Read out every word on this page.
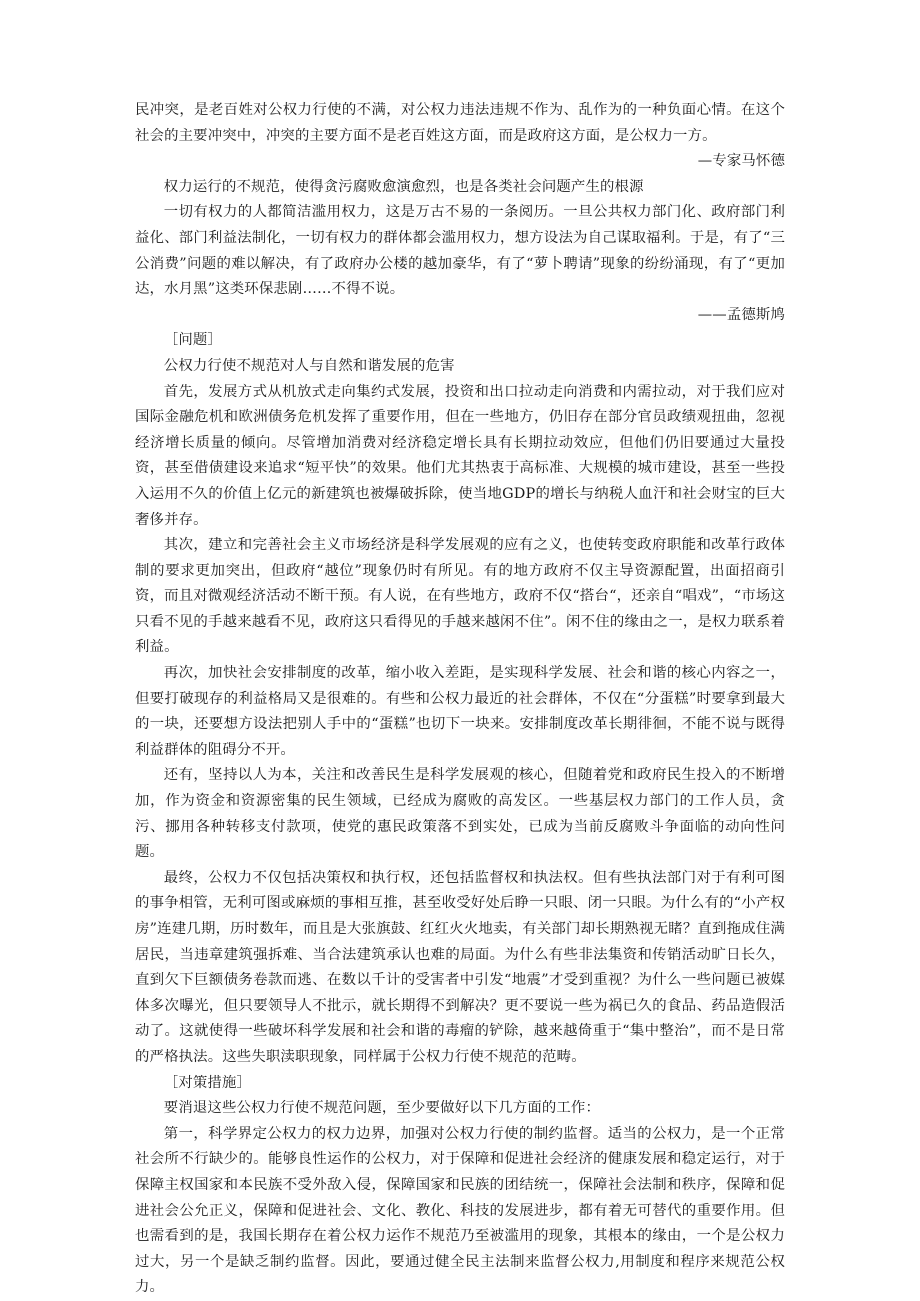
民冲突，是老百姓对公权力行使的不满，对公权力违法违规不作为、乱作为的一种负面心情。在这个社会的主要冲突中，冲突的主要方面不是老百姓这方面，而是政府这方面，是公权力一方。

—专家马怀德

权力运行的不规范，使得贪污腐败愈演愈烈，也是各类社会问题产生的根源

一切有权力的人都简洁滥用权力，这是万古不易的一条阅历。一旦公共权力部门化、政府部门利益化、部门利益法制化，一切有权力的群体都会滥用权力，想方设法为自己谋取福利。于是，有了“三公消费”问题的难以解决，有了政府办公楼的越加豪华，有了“萝卜聘请”现象的纷纷涌现，有了“更加达，水月黑”这类环保悲剧……不得不说。

——孟德斯鸠

［问题］

公权力行使不规范对人与自然和谐发展的危害

首先，发展方式从机放式走向集约式发展，投资和出口拉动走向消费和内需拉动，对于我们应对国际金融危机和欧洲债务危机发挥了重要作用，但在一些地方，仍旧存在部分官员政绩观扭曲，忽视经济增长质量的倾向。尽管增加消费对经济稳定增长具有长期拉动效应，但他们仍旧要通过大量投资，甚至借债建设来追求“短平快”的效果。他们尤其热衷于高标准、大规模的城市建设，甚至一些投入运用不久的价值上亿元的新建筑也被爆破拆除，使当地GDP的增长与纳税人血汗和社会财宝的巨大奢侈并存。

其次，建立和完善社会主义市场经济是科学发展观的应有之义，也使转变政府职能和改革行政体制的要求更加突出，但政府“越位”现象仍时有所见。有的地方政府不仅主导资源配置，出面招商引资，而且对微观经济活动不断干预。有人说，在有些地方，政府不仅“搭台“，还亲自“唱戏”，“市场这只看不见的手越来越看不见，政府这只看得见的手越来越闲不住”。闲不住的缘由之一，是权力联系着利益。

再次，加快社会安排制度的改革，缩小收入差距，是实现科学发展、社会和谐的核心内容之一，但要打破现存的利益格局又是很难的。有些和公权力最近的社会群体，不仅在“分蛋糕”时要拿到最大的一块，还要想方设法把别人手中的“蛋糕”也切下一块来。安排制度改革长期徘徊，不能不说与既得利益群体的阻碍分不开。

还有，坚持以人为本，关注和改善民生是科学发展观的核心，但随着党和政府民生投入的不断增加，作为资金和资源密集的民生领域，已经成为腐败的高发区。一些基层权力部门的工作人员，贪污、挪用各种转移支付款项，使党的惠民政策落不到实处，已成为当前反腐败斗争面临的动向性问题。

最终，公权力不仅包括决策权和执行权，还包括监督权和执法权。但有些执法部门对于有利可图的事争相管，无利可图或麻烦的事相互推，甚至收受好处后睁一只眼、闭一只眼。为什么有的“小产权房”连建几期，历时数年，而且是大张旗鼓、红红火火地卖，有关部门却长期熟视无睹？直到拖成住满居民，当违章建筑强拆难、当合法建筑承认也难的局面。为什么有些非法集资和传销活动旷日长久，直到欠下巨额债务卷款而逃、在数以千计的受害者中引发“地震”才受到重视？为什么一些问题已被媒体多次曝光，但只要领导人不批示，就长期得不到解决？更不要说一些为祸已久的食品、药品造假活动了。这就使得一些破坏科学发展和社会和谐的毒瘤的铲除，越来越倚重于“集中整治”，而不是日常的严格执法。这些失职渎职现象，同样属于公权力行使不规范的范畴。

［对策措施］

要消退这些公权力行使不规范问题，至少要做好以下几方面的工作：

第一，科学界定公权力的权力边界，加强对公权力行使的制约监督。适当的公权力，是一个正常社会所不行缺少的。能够良性运作的公权力，对于保障和促进社会经济的健康发展和稳定运行，对于保障主权国家和本民族不受外敌入侵，保障国家和民族的团结统一，保障社会法制和秩序，保障和促进社会公允正义，保障和促进社会、文化、教化、科技的发展进步，都有着无可替代的重要作用。但也需看到的是，我国长期存在着公权力运作不规范乃至被滥用的现象，其根本的缘由，一个是公权力过大，另一个是缺乏制约监督。因此，要通过健全民主法制来监督公权力,用制度和程序来规范公权力。
